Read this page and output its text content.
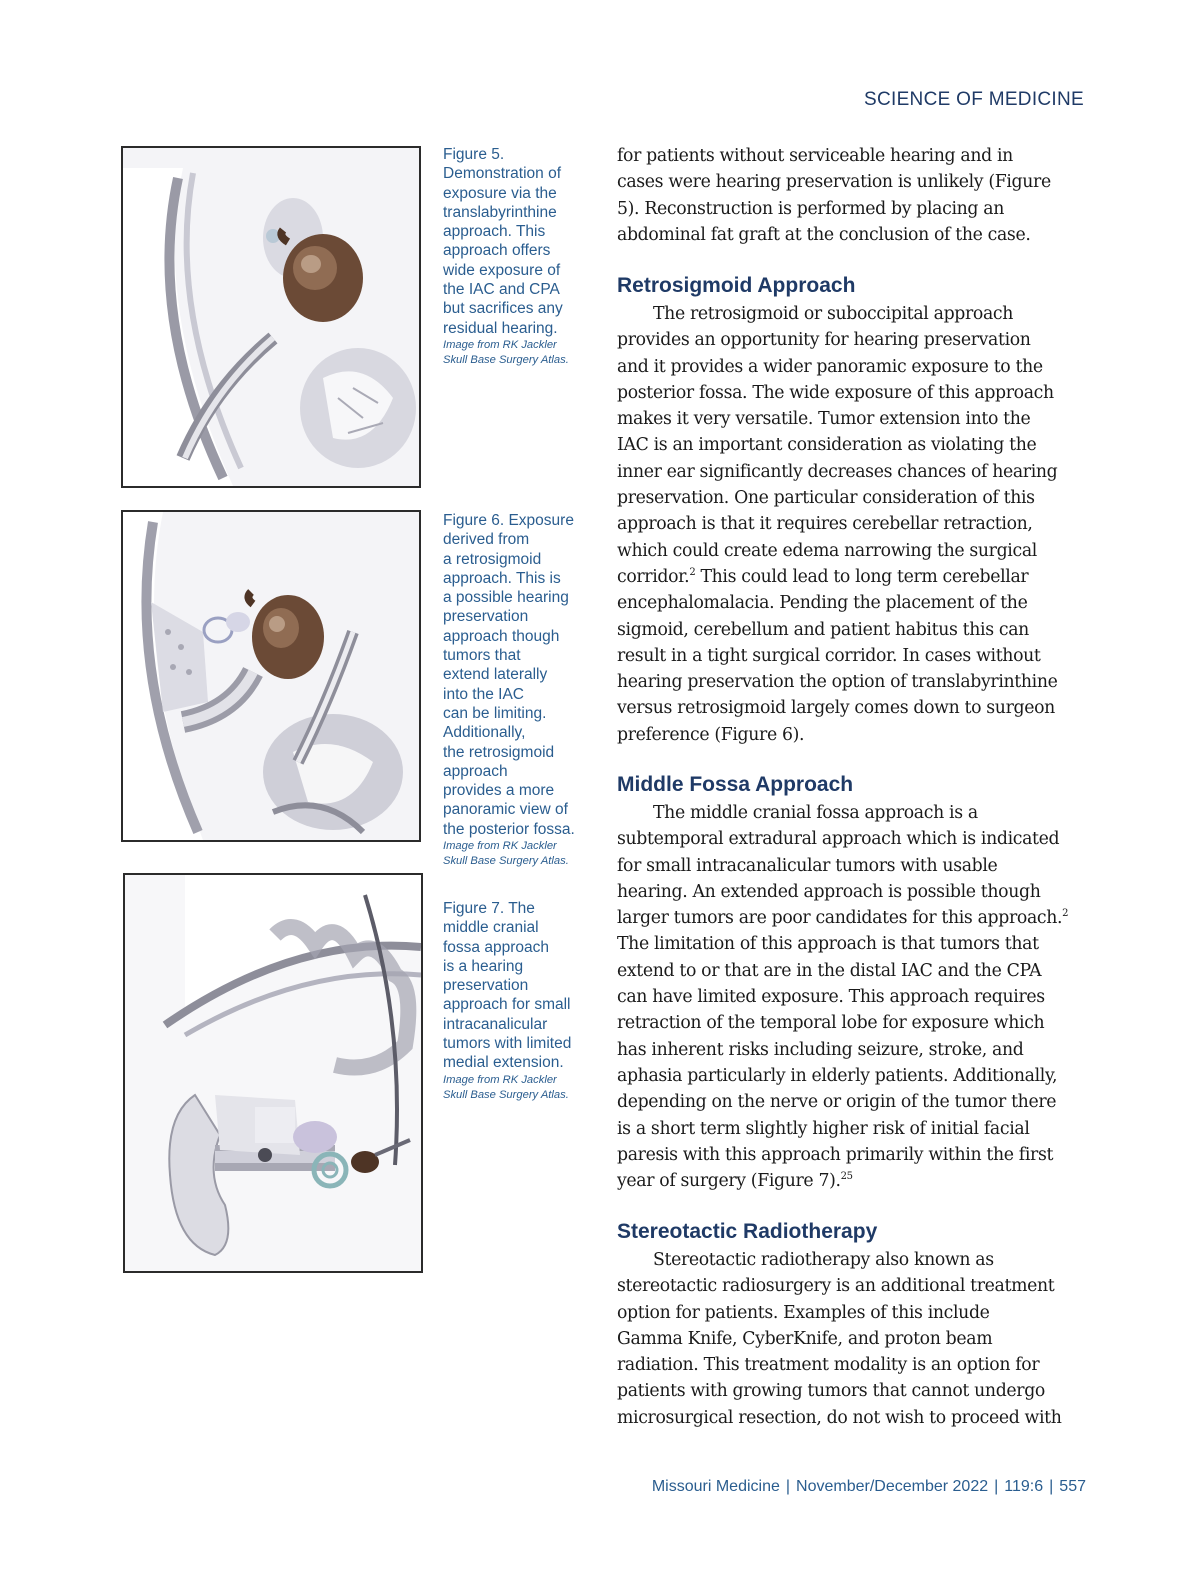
SCIENCE OF MEDICINE
Figure 5.
Demonstration of
exposure via the
translabyrinthine
approach. This
approach offers
wide exposure of
the IAC and CPA
but sacrifices any
residual hearing.
Image from RK Jackler
Skull Base Surgery Atlas.
Figure 6. Exposure
derived from
a retrosigmoid
approach. This is
a possible hearing
preservation
approach though
tumors that
extend laterally
into the IAC
can be limiting.
Additionally,
the retrosigmoid
approach
provides a more
panoramic view of
the posterior fossa.
Image from RK Jackler
Skull Base Surgery Atlas.
Figure 7. The
middle cranial
fossa approach
is a hearing
preservation
approach for small
intracanalicular
tumors with limited
medial extension.
Image from RK Jackler
Skull Base Surgery Atlas.

for patients without serviceable hearing and in
cases were hearing preservation is unlikely (Figure
5). Reconstruction is performed by placing an
abdominal fat graft at the conclusion of the case.

Retrosigmoid Approach

The retrosigmoid or suboccipital approach
provides an opportunity for hearing preservation
and it provides a wider panoramic exposure to the
posterior fossa. The wide exposure of this approach
makes it very versatile. Tumor extension into the
IAC is an important consideration as violating the
inner ear significantly decreases chances of hearing
preservation. One particular consideration of this
approach is that it requires cerebellar retraction,
which could create edema narrowing the surgical
corridor.$^2$ This could lead to long term cerebellar
encephalomalacia. Pending the placement of the
sigmoid, cerebellum and patient habitus this can
result in a tight surgical corridor. In cases without
hearing preservation the option of translabyrinthine
versus retrosigmoid largely comes down to surgeon
preference (Figure 6).

Middle Fossa Approach

The middle cranial fossa approach is a
subtemporal extradural approach which is indicated
for small intracanalicular tumors with usable
hearing. An extended approach is possible though
larger tumors are poor candidates for this approach.$^2$
The limitation of this approach is that tumors that
extend to or that are in the distal IAC and the CPA
can have limited exposure. This approach requires
retraction of the temporal lobe for exposure which
has inherent risks including seizure, stroke, and
aphasia particularly in elderly patients. Additionally,
depending on the nerve or origin of the tumor there
is a short term slightly higher risk of initial facial
paresis with this approach primarily within the first
year of surgery (Figure 7).$^{25}$

Stereotactic Radiotherapy

Stereotactic radiotherapy also known as
stereotactic radiosurgery is an additional treatment
option for patients. Examples of this include
Gamma Knife, CyberKnife, and proton beam
radiation. This treatment modality is an option for
patients with growing tumors that cannot undergo
microsurgical resection, do not wish to proceed with

Missouri Medicine | November/December 2022 | 119:6 | 557
